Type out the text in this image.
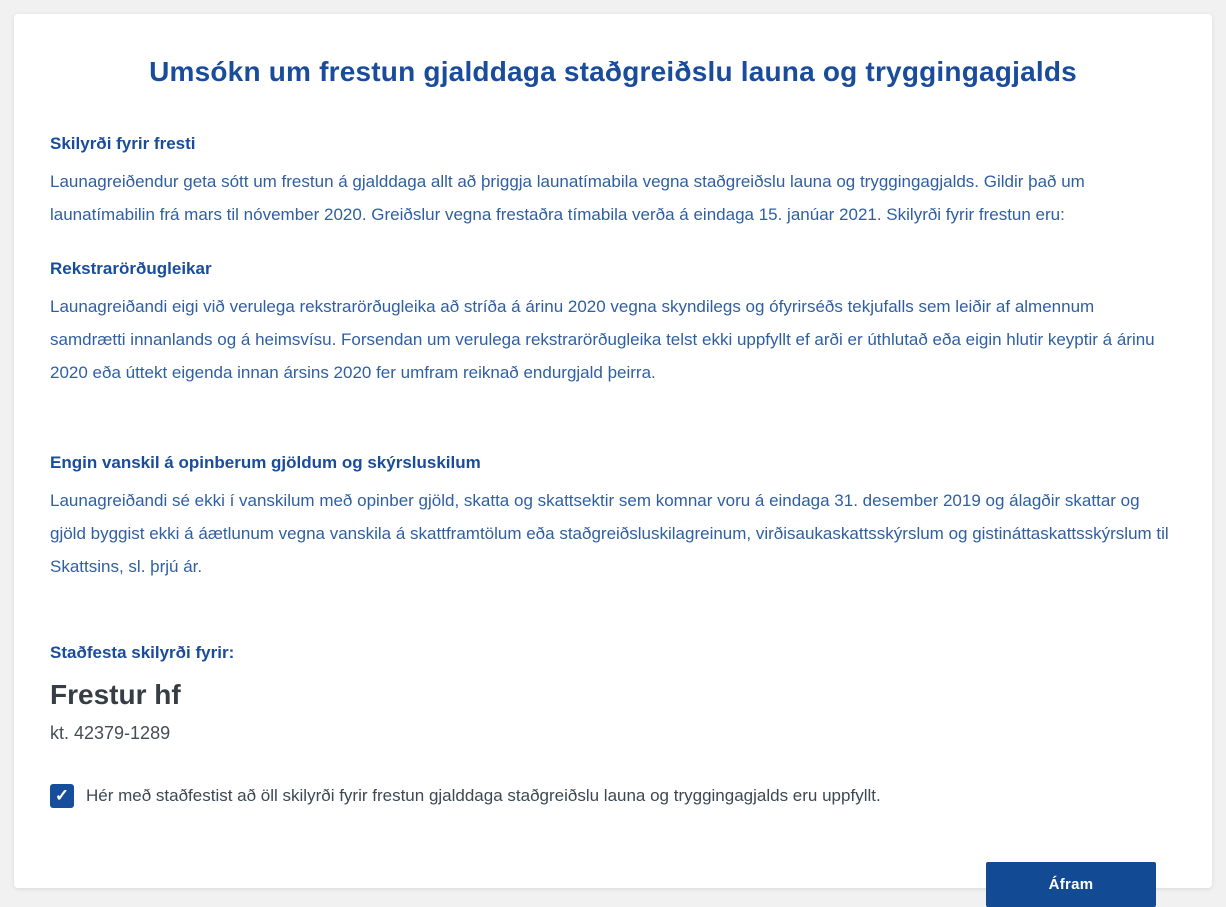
Umsókn um frestun gjalddaga staðgreiðslu launa og tryggingagjalds
Skilyrði fyrir fresti

Launagreiðendur geta sótt um frestun á gjalddaga allt að þriggja launatímabila vegna staðgreiðslu launa og tryggingagjalds. Gildir það um launatímabilin frá mars til nóvember 2020. Greiðslur vegna frestaðra tímabila verða á eindaga 15. janúar 2021. Skilyrði fyrir frestun eru:

Rekstrarörðugleikar

Launagreiðandi eigi við verulega rekstrarörðugleika að stríða á árinu 2020 vegna skyndilegs og ófyrirséðs tekjufalls sem leiðir af almennum samdrætti innanlands og á heimsvísu. Forsendan um verulega rekstrarörðugleika telst ekki uppfyllt ef arði er úthlutað eða eigin hlutir keyptir á árinu 2020 eða úttekt eigenda innan ársins 2020 fer umfram reiknað endurgjald þeirra.

Engin vanskil á opinberum gjöldum og skýrsluskilum

Launagreiðandi sé ekki í vanskilum með opinber gjöld, skatta og skattsektir sem komnar voru á eindaga 31. desember 2019 og álagðir skattar og gjöld byggist ekki á áætlunum vegna vanskila á skattframtölum eða staðgreiðsluskilagreinum, virðisaukaskattsskýrslum og gistináttaskattsskýrslum til Skattsins, sl. þrjú ár.

Staðfesta skilyrði fyrir:
Frestur hf
kt. 42379-1289
✓ Hér með staðfestist að öll skilyrði fyrir frestun gjalddaga staðgreiðslu launa og tryggingagjalds eru uppfyllt.
Áfram
